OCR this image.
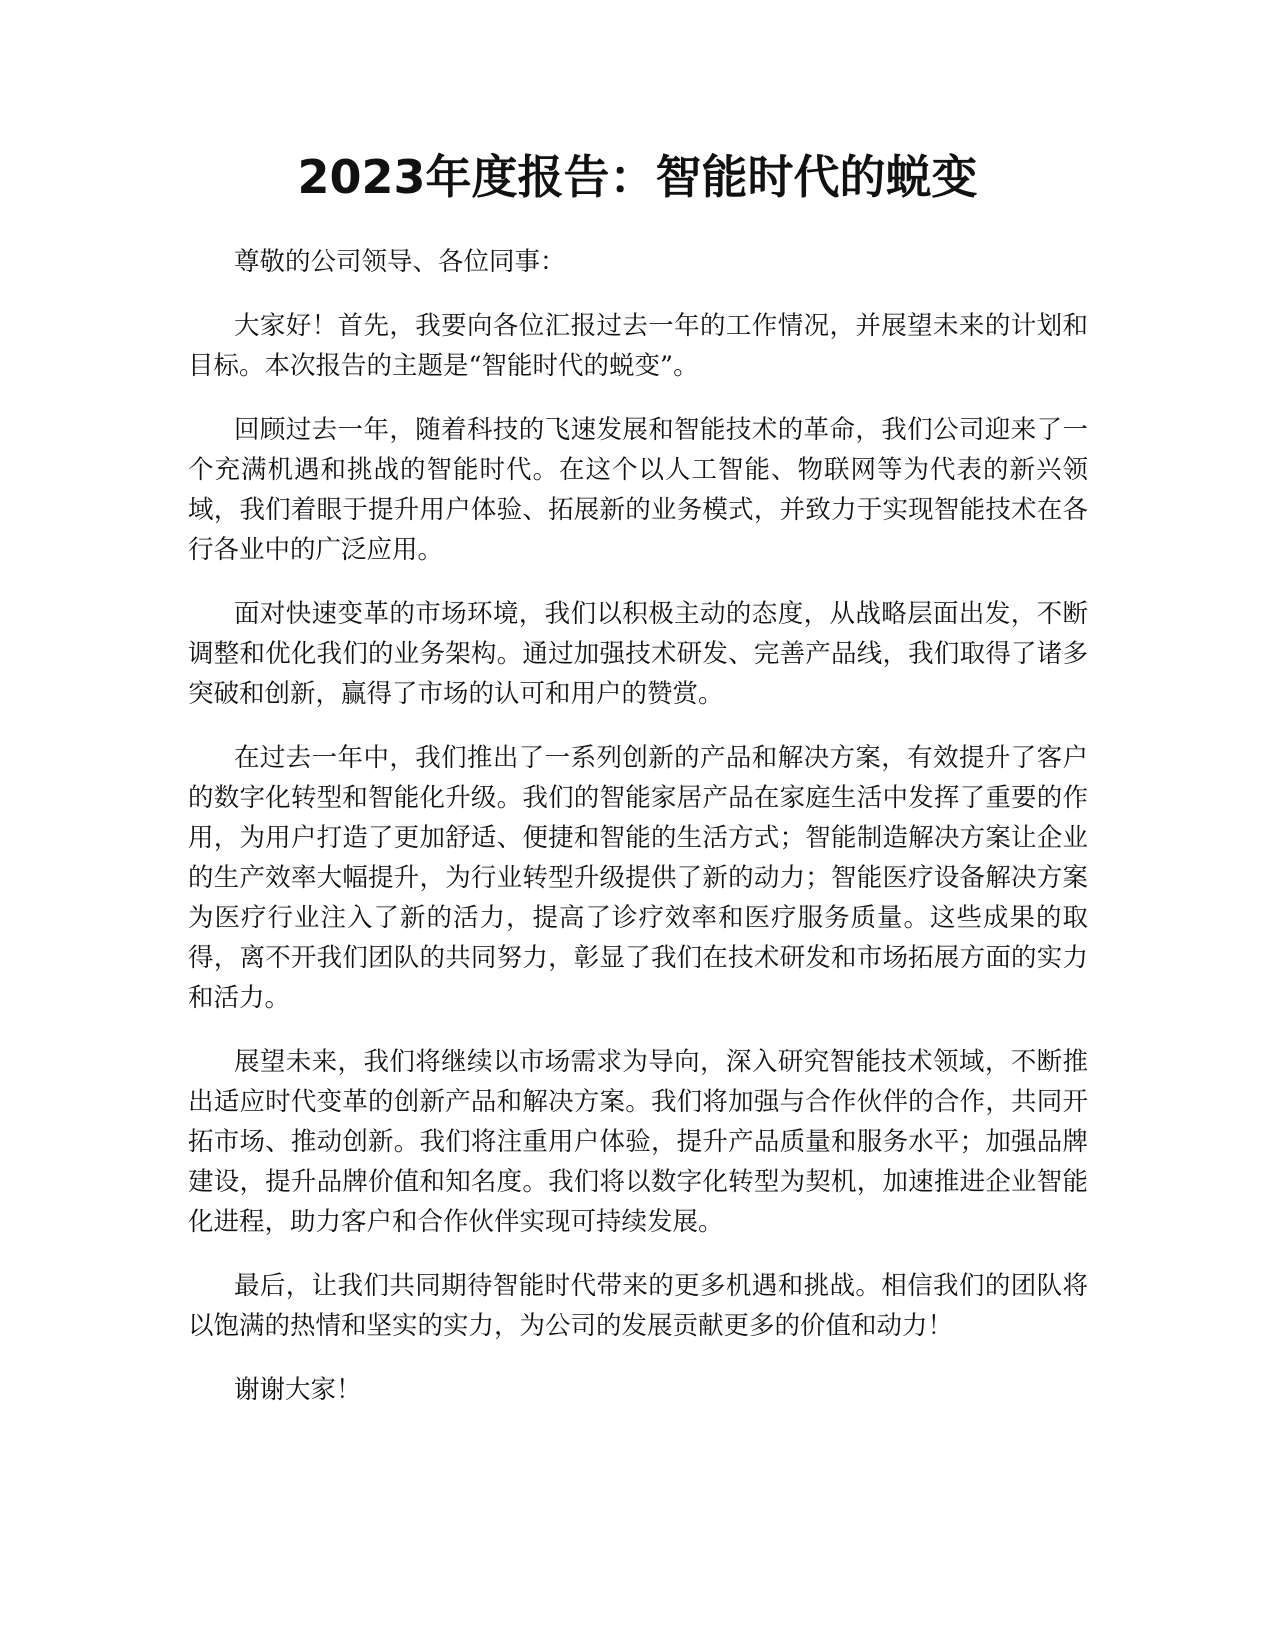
2023年度报告：智能时代的蜕变

尊敬的公司领导、各位同事：

大家好！首先，我要向各位汇报过去一年的工作情况，并展望未来的计划和目标。本次报告的主题是“智能时代的蜕变”。

回顾过去一年，随着科技的飞速发展和智能技术的革命，我们公司迎来了一个充满机遇和挑战的智能时代。在这个以人工智能、物联网等为代表的新兴领域，我们着眼于提升用户体验、拓展新的业务模式，并致力于实现智能技术在各行各业中的广泛应用。

面对快速变革的市场环境，我们以积极主动的态度，从战略层面出发，不断调整和优化我们的业务架构。通过加强技术研发、完善产品线，我们取得了诸多突破和创新，赢得了市场的认可和用户的赞赏。

在过去一年中，我们推出了一系列创新的产品和解决方案，有效提升了客户的数字化转型和智能化升级。我们的智能家居产品在家庭生活中发挥了重要的作用，为用户打造了更加舒适、便捷和智能的生活方式；智能制造解决方案让企业的生产效率大幅提升，为行业转型升级提供了新的动力；智能医疗设备解决方案为医疗行业注入了新的活力，提高了诊疗效率和医疗服务质量。这些成果的取得，离不开我们团队的共同努力，彰显了我们在技术研发和市场拓展方面的实力和活力。

展望未来，我们将继续以市场需求为导向，深入研究智能技术领域，不断推出适应时代变革的创新产品和解决方案。我们将加强与合作伙伴的合作，共同开拓市场、推动创新。我们将注重用户体验，提升产品质量和服务水平；加强品牌建设，提升品牌价值和知名度。我们将以数字化转型为契机，加速推进企业智能化进程，助力客户和合作伙伴实现可持续发展。

最后，让我们共同期待智能时代带来的更多机遇和挑战。相信我们的团队将以饱满的热情和坚实的实力，为公司的发展贡献更多的价值和动力！

谢谢大家！
